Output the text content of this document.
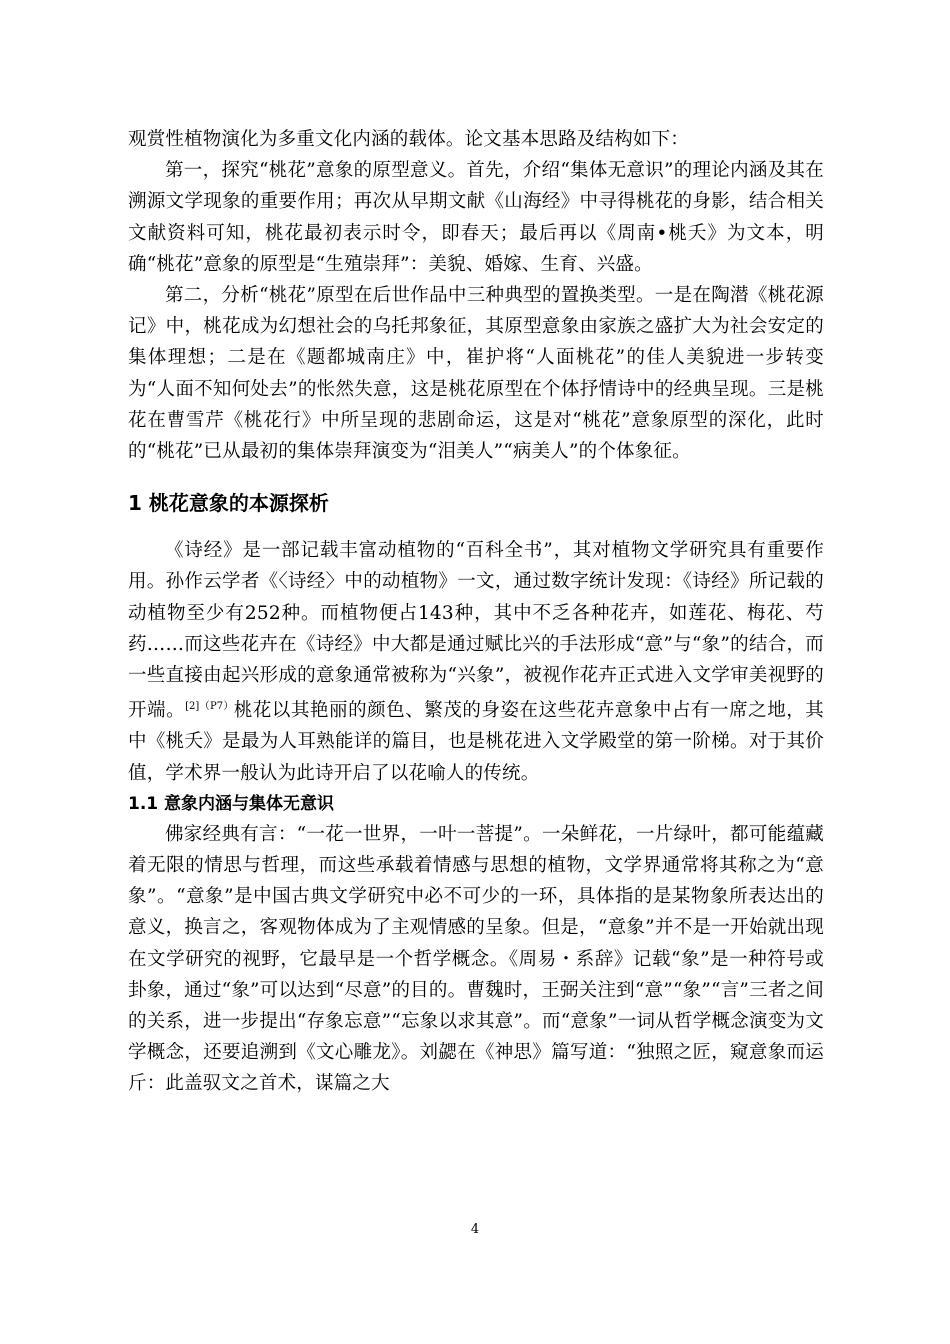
观赏性植物演化为多重文化内涵的载体。论文基本思路及结构如下：

第一，探究“桃花”意象的原型意义。首先，介绍“集体无意识”的理论内涵及其在溯源文学现象的重要作用；再次从早期文献《山海经》中寻得桃花的身影，结合相关文献资料可知，桃花最初表示时令，即春天；最后再以《周南•桃夭》为文本，明确“桃花”意象的原型是“生殖崇拜”：美貌、婚嫁、生育、兴盛。

第二，分析“桃花”原型在后世作品中三种典型的置换类型。一是在陶潜《桃花源记》中，桃花成为幻想社会的乌托邦象征，其原型意象由家族之盛扩大为社会安定的集体理想；二是在《题都城南庄》中，崔护将“人面桃花”的佳人美貌进一步转变为“人面不知何处去”的怅然失意，这是桃花原型在个体抒情诗中的经典呈现。三是桃花在曹雪芹《桃花行》中所呈现的悲剧命运，这是对“桃花”意象原型的深化，此时的“桃花”已从最初的集体崇拜演变为“泪美人”“病美人”的个体象征。

1 桃花意象的本源探析

《诗经》是一部记载丰富动植物的“百科全书”，其对植物文学研究具有重要作用。孙作云学者《〈诗经〉中的动植物》一文，通过数字统计发现：《诗经》所记载的动植物至少有252种。而植物便占143种，其中不乏各种花卉，如莲花、梅花、芍药……而这些花卉在《诗经》中大都是通过赋比兴的手法形成“意”与“象”的结合，而一些直接由起兴形成的意象通常被称为“兴象”，被视作花卉正式进入文学审美视野的开端。$^{[2](P7)}$桃花以其艳丽的颜色、繁茂的身姿在这些花卉意象中占有一席之地，其中《桃夭》是最为人耳熟能详的篇目，也是桃花进入文学殿堂的第一阶梯。对于其价值，学术界一般认为此诗开启了以花喻人的传统。

1.1 意象内涵与集体无意识

佛家经典有言：“一花一世界，一叶一菩提”。一朵鲜花，一片绿叶，都可能蕴藏着无限的情思与哲理，而这些承载着情感与思想的植物，文学界通常将其称之为“意象”。“意象”是中国古典文学研究中必不可少的一环，具体指的是某物象所表达出的意义，换言之，客观物体成为了主观情感的呈象。但是，“意象”并不是一开始就出现在文学研究的视野，它最早是一个哲学概念。《周易・系辞》记载“象”是一种符号或卦象，通过“象”可以达到“尽意”的目的。曹魏时，王弼关注到“意”“象”“言”三者之间的关系，进一步提出“存象忘意”“忘象以求其意”。而“意象”一词从哲学概念演变为文学概念，还要追溯到《文心雕龙》。刘勰在《神思》篇写道：“独照之匠，窥意象而运斤：此盖驭文之首术，谋篇之大

4
